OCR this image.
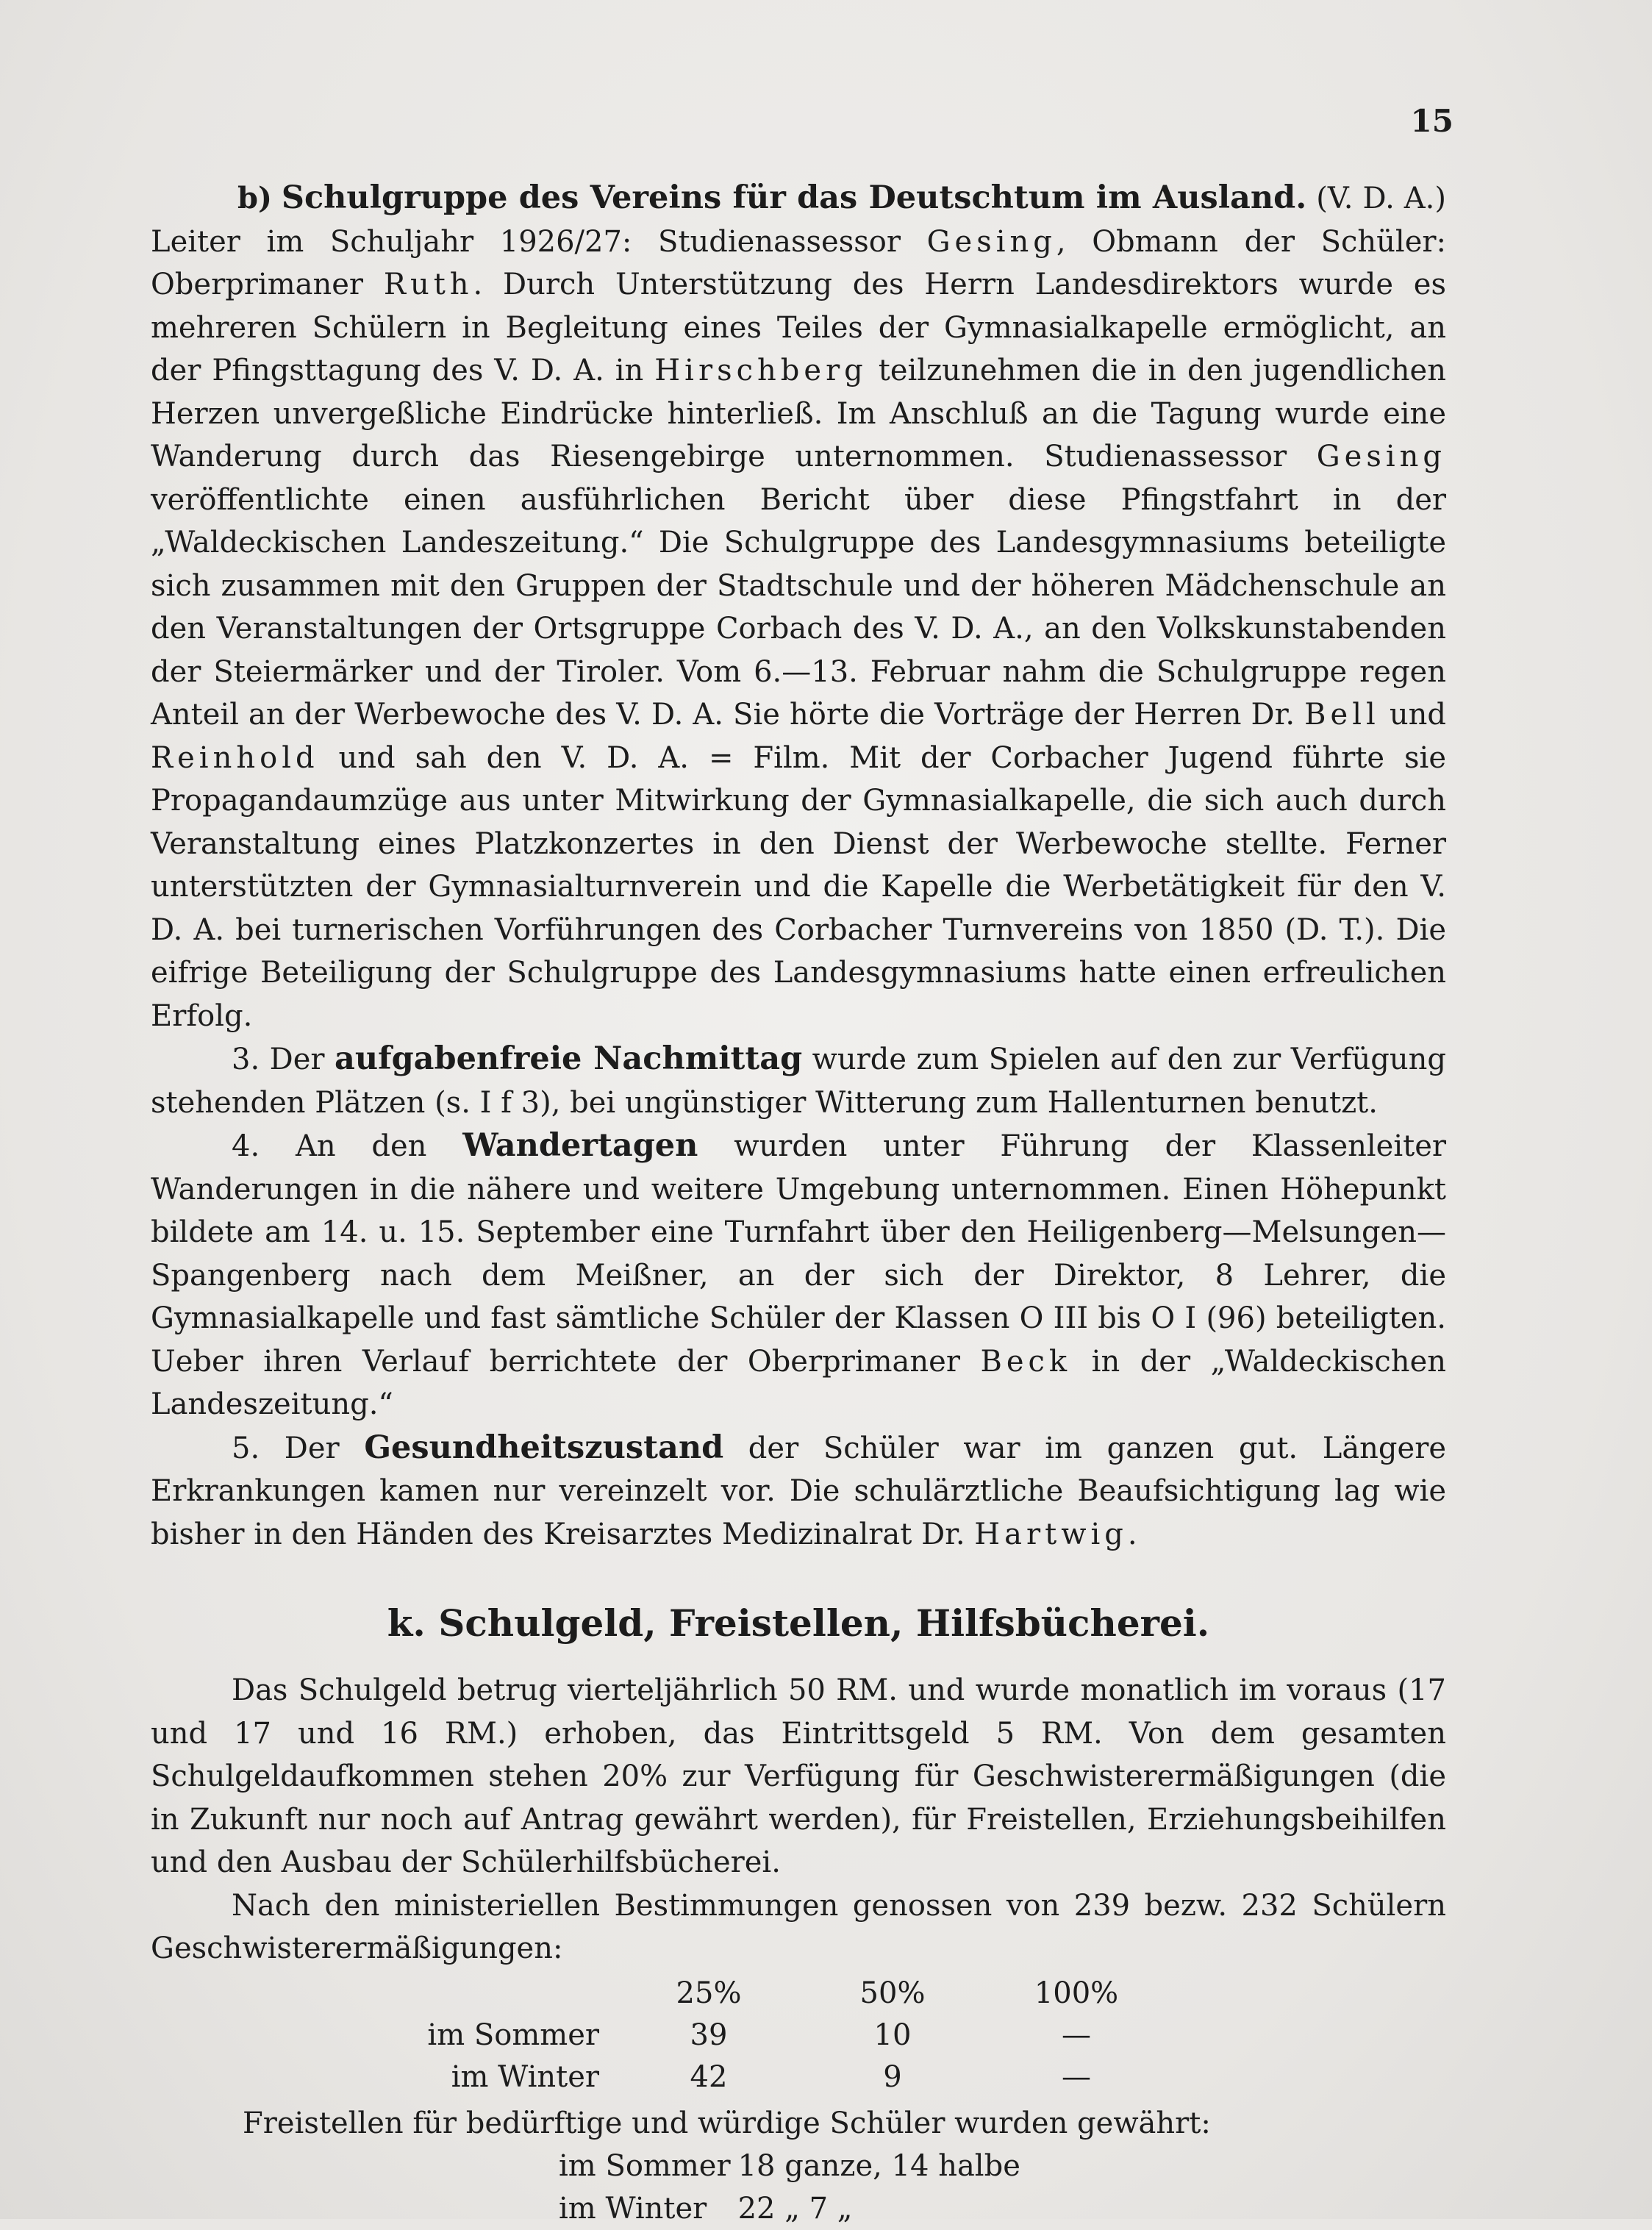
15

b) Schulgruppe des Vereins für das Deutschtum im Ausland. (V. D. A.) Leiter im Schuljahr 1926/27: Studienassessor Gesing, Obmann der Schüler: Oberprimaner Ruth. Durch Unterstützung des Herrn Landesdirektors wurde es mehreren Schülern in Begleitung eines Teiles der Gymnasialkapelle ermöglicht, an der Pfingsttagung des V. D. A. in Hirschberg teilzunehmen die in den jugendlichen Herzen unvergeßliche Eindrücke hinterließ. Im Anschluß an die Tagung wurde eine Wanderung durch das Riesengebirge unternommen. Studienassessor Gesing veröffentlichte einen ausführlichen Bericht über diese Pfingstfahrt in der „Waldeckischen Landeszeitung.“ Die Schulgruppe des Landesgymnasiums beteiligte sich zusammen mit den Gruppen der Stadtschule und der höheren Mädchenschule an den Veranstaltungen der Ortsgruppe Corbach des V. D. A., an den Volkskunstabenden der Steiermärker und der Tiroler. Vom 6.—13. Februar nahm die Schulgruppe regen Anteil an der Werbewoche des V. D. A. Sie hörte die Vorträge der Herren Dr. Bell und Reinhold und sah den V. D. A. = Film. Mit der Corbacher Jugend führte sie Propagandaumzüge aus unter Mitwirkung der Gymnasialkapelle, die sich auch durch Veranstaltung eines Platzkonzertes in den Dienst der Werbewoche stellte. Ferner unterstützten der Gymnasialturnverein und die Kapelle die Werbetätigkeit für den V. D. A. bei turnerischen Vorführungen des Corbacher Turnvereins von 1850 (D. T.). Die eifrige Beteiligung der Schulgruppe des Landesgymnasiums hatte einen erfreulichen Erfolg.

3. Der aufgabenfreie Nachmittag wurde zum Spielen auf den zur Verfügung stehenden Plätzen (s. I f 3), bei ungünstiger Witterung zum Hallenturnen benutzt.

4. An den Wandertagen wurden unter Führung der Klassenleiter Wanderungen in die nähere und weitere Umgebung unternommen. Einen Höhepunkt bildete am 14. u. 15. September eine Turnfahrt über den Heiligenberg—Melsungen—Spangenberg nach dem Meißner, an der sich der Direktor, 8 Lehrer, die Gymnasialkapelle und fast sämtliche Schüler der Klassen O III bis O I (96) beteiligten. Ueber ihren Verlauf berrichtete der Oberprimaner Beck in der „Waldeckischen Landeszeitung.“

5. Der Gesundheitszustand der Schüler war im ganzen gut. Längere Erkrankungen kamen nur vereinzelt vor. Die schulärztliche Beaufsichtigung lag wie bisher in den Händen des Kreisarztes Medizinalrat Dr. Hartwig.

k. Schulgeld, Freistellen, Hilfsbücherei.

Das Schulgeld betrug vierteljährlich 50 RM. und wurde monatlich im voraus (17 und 17 und 16 RM.) erhoben, das Eintrittsgeld 5 RM. Von dem gesamten Schulgeldaufkommen stehen 20% zur Verfügung für Geschwisterermäßigungen (die in Zukunft nur noch auf Antrag gewährt werden), für Freistellen, Erziehungsbeihilfen und den Ausbau der Schülerhilfsbücherei.

Nach den ministeriellen Bestimmungen genossen von 239 bezw. 232 Schülern Geschwisterermäßigungen:

	25%	50%	100%
im Sommer	39	10	—
im Winter	42	9	—

Freistellen für bedürftige und würdige Schüler wurden gewährt:

im Sommer	18 ganze, 14 halbe
im Winter	22 „ 7 „
